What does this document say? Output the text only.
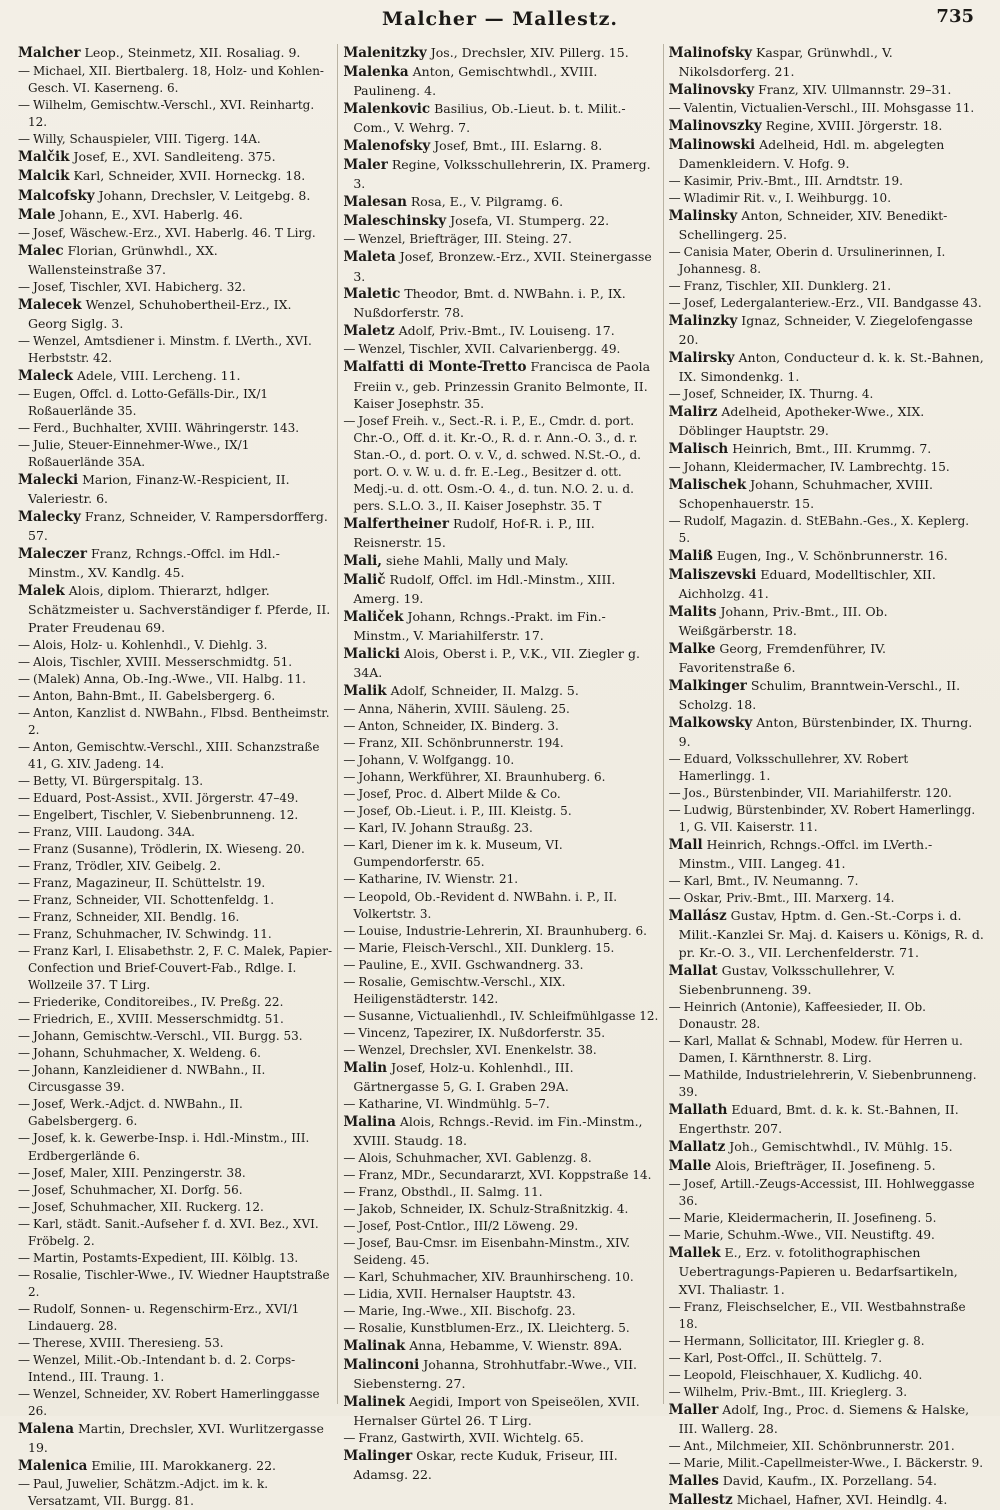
Malcher — Mallestz.	735

Malcher Leop., Steinmetz, XII. Rosaliag. 9.

— Michael, XII. Biertbalerg. 18, Holz- und Kohlen-Gesch. VI. Kaserneng. 6.

— Wilhelm, Gemischtw.-Verschl., XVI. Reinhartg. 12.

— Willy, Schauspieler, VIII. Tigerg. 14A.

Malčik Josef, E., XVI. Sandleiteng. 375.

Malcik Karl, Schneider, XVII. Horneckg. 18.

Malcofsky Johann, Drechsler, V. Leitgebg. 8.

Male Johann, E., XVI. Haberlg. 46.

— Josef, Wäschew.-Erz., XVI. Haberlg. 46. T Lirg.

Malec Florian, Grünwhdl., XX. Wallensteinstraße 37.

— Josef, Tischler, XVI. Habicherg. 32.

Malecek Wenzel, Schuhobertheil-Erz., IX. Georg Siglg. 3.

— Wenzel, Amtsdiener i. Minstm. f. LVerth., XVI. Herbststr. 42.

Maleck Adele, VIII. Lercheng. 11.

— Eugen, Offcl. d. Lotto-Gefälls-Dir., IX/1 Roßauerlände 35.

— Ferd., Buchhalter, XVIII. Währingerstr. 143.

— Julie, Steuer-Einnehmer-Wwe., IX/1 Roßauerlände 35A.

Malecki Marion, Finanz-W.-Respicient, II. Valeriestr. 6.

Malecky Franz, Schneider, V. Rampersdorfferg. 57.

Maleczer Franz, Rchngs.-Offcl. im Hdl.-Minstm., XV. Kandlg. 45.

Malek Alois, diplom. Thierarzt, hdlger. Schätzmeister u. Sachverständiger f. Pferde, II. Prater Freudenau 69.

— Alois, Holz- u. Kohlenhdl., V. Diehlg. 3.

— Alois, Tischler, XVIII. Messerschmidtg. 51.

— (Malek) Anna, Ob.-Ing.-Wwe., VII. Halbg. 11.

— Anton, Bahn-Bmt., II. Gabelsbergerg. 6.

— Anton, Kanzlist d. NWBahn., Flbsd. Bentheimstr. 2.

— Anton, Gemischtw.-Verschl., XIII. Schanzstraße 41, G. XIV. Jadeng. 14.

— Betty, VI. Bürgerspitalg. 13.

— Eduard, Post-Assist., XVII. Jörgerstr. 47–49.

— Engelbert, Tischler, V. Siebenbrunneng. 12.

— Franz, VIII. Laudong. 34A.

— Franz (Susanne), Trödlerin, IX. Wieseng. 20.

— Franz, Trödler, XIV. Geibelg. 2.

— Franz, Magazineur, II. Schüttelstr. 19.

— Franz, Schneider, VII. Schottenfeldg. 1.

— Franz, Schneider, XII. Bendlg. 16.

— Franz, Schuhmacher, IV. Schwindg. 11.

— Franz Karl, I. Elisabethstr. 2, F. C. Malek, Papier-Confection und Brief-Couvert-Fab., Rdlge. I. Wollzeile 37. T Lirg.

— Friederike, Conditoreibes., IV. Preßg. 22.

— Friedrich, E., XVIII. Messerschmidtg. 51.

— Johann, Gemischtw.-Verschl., VII. Burgg. 53.

— Johann, Schuhmacher, X. Weldeng. 6.

— Johann, Kanzleidiener d. NWBahn., II. Circusgasse 39.

— Josef, Werk.-Adjct. d. NWBahn., II. Gabelsbergerg. 6.

— Josef, k. k. Gewerbe-Insp. i. Hdl.-Minstm., III. Erdbergerlände 6.

— Josef, Maler, XIII. Penzingerstr. 38.

— Josef, Schuhmacher, XI. Dorfg. 56.

— Josef, Schuhmacher, XII. Ruckerg. 12.

— Karl, städt. Sanit.-Aufseher f. d. XVI. Bez., XVI. Fröbelg. 2.

— Martin, Postamts-Expedient, III. Kölblg. 13.

— Rosalie, Tischler-Wwe., IV. Wiedner Hauptstraße 2.

— Rudolf, Sonnen- u. Regenschirm-Erz., XVI/1 Lindauerg. 28.

— Therese, XVIII. Theresieng. 53.

— Wenzel, Milit.-Ob.-Intendant b. d. 2. Corps-Intend., III. Traung. 1.

— Wenzel, Schneider, XV. Robert Hamerlinggasse 26.

Malena Martin, Drechsler, XVI. Wurlitzergasse 19.

Malenica Emilie, III. Marokkanerg. 22.

— Paul, Juwelier, Schätzm.-Adjct. im k. k. Versatzamt, VII. Burgg. 81.

Malenitzky Jos., Drechsler, XIV. Pillerg. 15.

Malenka Anton, Gemischtwhdl., XVIII. Paulineng. 4.

Malenkovic Basilius, Ob.-Lieut. b. t. Milit.-Com., V. Wehrg. 7.

Malenofsky Josef, Bmt., III. Eslarng. 8.

Maler Regine, Volksschullehrerin, IX. Pramerg. 3.

Malesan Rosa, E., V. Pilgramg. 6.

Maleschinsky Josefa, VI. Stumperg. 22.

— Wenzel, Briefträger, III. Steing. 27.

Maleta Josef, Bronzew.-Erz., XVII. Steinergasse 3.

Maletic Theodor, Bmt. d. NWBahn. i. P., IX. Nußdorferstr. 78.

Maletz Adolf, Priv.-Bmt., IV. Louiseng. 17.

— Wenzel, Tischler, XVII. Calvarienbergg. 49.

Malfatti di Monte-Tretto Francisca de Paola Freiin v., geb. Prinzessin Granito Belmonte, II. Kaiser Josephstr. 35.

— Josef Freih. v., Sect.-R. i. P., E., Cmdr. d. port. Chr.-O., Off. d. it. Kr.-O., R. d. r. Ann.-O. 3., d. r. Stan.-O., d. port. O. v. V., d. schwed. N.St.-O., d. port. O. v. W. u. d. fr. E.-Leg., Besitzer d. ott. Medj.-u. d. ott. Osm.-O. 4., d. tun. N.O. 2. u. d. pers. S.L.O. 3., II. Kaiser Josephstr. 35. T

Malfertheiner Rudolf, Hof-R. i. P., III. Reisnerstr. 15.

Mali, siehe Mahli, Mally und Maly.

Malič Rudolf, Offcl. im Hdl.-Minstm., XIII. Amerg. 19.

Maliček Johann, Rchngs.-Prakt. im Fin.-Minstm., V. Mariahilferstr. 17.

Malicki Alois, Oberst i. P., V.K., VII. Ziegler g. 34A.

Malik Adolf, Schneider, II. Malzg. 5.

— Anna, Näherin, XVIII. Säuleng. 25.

— Anton, Schneider, IX. Binderg. 3.

— Franz, XII. Schönbrunnerstr. 194.

— Johann, V. Wolfgangg. 10.

— Johann, Werkführer, XI. Braunhuberg. 6.

— Josef, Proc. d. Albert Milde & Co.

— Josef, Ob.-Lieut. i. P., III. Kleistg. 5.

— Karl, IV. Johann Straußg. 23.

— Karl, Diener im k. k. Museum, VI. Gumpendorferstr. 65.

— Katharine, IV. Wienstr. 21.

— Leopold, Ob.-Revident d. NWBahn. i. P., II. Volkertstr. 3.

— Louise, Industrie-Lehrerin, XI. Braunhuberg. 6.

— Marie, Fleisch-Verschl., XII. Dunklerg. 15.

— Pauline, E., XVII. Gschwandnerg. 33.

— Rosalie, Gemischtw.-Verschl., XIX. Heiligenstädterstr. 142.

— Susanne, Victualienhdl., IV. Schleifmühlgasse 12.

— Vincenz, Tapezirer, IX. Nußdorferstr. 35.

— Wenzel, Drechsler, XVI. Enenkelstr. 38.

Malin Josef, Holz-u. Kohlenhdl., III. Gärtnergasse 5, G. I. Graben 29A.

— Katharine, VI. Windmühlg. 5–7.

Malina Alois, Rchngs.-Revid. im Fin.-Minstm., XVIII. Staudg. 18.

— Alois, Schuhmacher, XVI. Gablenzg. 8.

— Franz, MDr., Secundararzt, XVI. Koppstraße 14.

— Franz, Obsthdl., II. Salmg. 11.

— Jakob, Schneider, IX. Schulz-Straßnitzkig. 4.

— Josef, Post-Cntlor., III/2 Löweng. 29.

— Josef, Bau-Cmsr. im Eisenbahn-Minstm., XIV. Seideng. 45.

— Karl, Schuhmacher, XIV. Braunhirscheng. 10.

— Lidia, XVII. Hernalser Hauptstr. 43.

— Marie, Ing.-Wwe., XII. Bischofg. 23.

— Rosalie, Kunstblumen-Erz., IX. Lleichterg. 5.

Malinak Anna, Hebamme, V. Wienstr. 89A.

Malinconi Johanna, Strohhutfabr.-Wwe., VII. Siebensterng. 27.

Malinek Aegidi, Import von Speiseölen, XVII. Hernalser Gürtel 26. T Lirg.

— Franz, Gastwirth, XVII. Wichtelg. 65.

Malinger Oskar, recte Kuduk, Friseur, III. Adamsg. 22.

Malinofsky Kaspar, Grünwhdl., V. Nikolsdorferg. 21.

Malinovsky Franz, XIV. Ullmannstr. 29–31.

— Valentin, Victualien-Verschl., III. Mohsgasse 11.

Malinovszky Regine, XVIII. Jörgerstr. 18.

Malinowski Adelheid, Hdl. m. abgelegten Damenkleidern. V. Hofg. 9.

— Kasimir, Priv.-Bmt., III. Arndtstr. 19.

— Wladimir Rit. v., I. Weihburgg. 10.

Malinsky Anton, Schneider, XIV. Benedikt-Schellingerg. 25.

— Canisia Mater, Oberin d. Ursulinerinnen, I. Johannesg. 8.

— Franz, Tischler, XII. Dunklerg. 21.

— Josef, Ledergalanteriew.-Erz., VII. Bandgasse 43.

Malinzky Ignaz, Schneider, V. Ziegelofengasse 20.

Malirsky Anton, Conducteur d. k. k. St.-Bahnen, IX. Simondenkg. 1.

— Josef, Schneider, IX. Thurng. 4.

Malirz Adelheid, Apotheker-Wwe., XIX. Döblinger Hauptstr. 29.

Malisch Heinrich, Bmt., III. Krummg. 7.

— Johann, Kleidermacher, IV. Lambrechtg. 15.

Malischek Johann, Schuhmacher, XVIII. Schopenhauerstr. 15.

— Rudolf, Magazin. d. StEBahn.-Ges., X. Keplerg. 5.

Maliß Eugen, Ing., V. Schönbrunnerstr. 16.

Maliszevski Eduard, Modelltischler, XII. Aichholzg. 41.

Malits Johann, Priv.-Bmt., III. Ob. Weißgärberstr. 18.

Malke Georg, Fremdenführer, IV. Favoritenstraße 6.

Malkinger Schulim, Branntwein-Verschl., II. Scholzg. 18.

Malkowsky Anton, Bürstenbinder, IX. Thurng. 9.

— Eduard, Volksschullehrer, XV. Robert Hamerlingg. 1.

— Jos., Bürstenbinder, VII. Mariahilferstr. 120.

— Ludwig, Bürstenbinder, XV. Robert Hamerlingg. 1, G. VII. Kaiserstr. 11.

Mall Heinrich, Rchngs.-Offcl. im LVerth.-Minstm., VIII. Langeg. 41.

— Karl, Bmt., IV. Neumanng. 7.

— Oskar, Priv.-Bmt., III. Marxerg. 14.

Mallász Gustav, Hptm. d. Gen.-St.-Corps i. d. Milit.-Kanzlei Sr. Maj. d. Kaisers u. Königs, R. d. pr. Kr.-O. 3., VII. Lerchenfelderstr. 71.

Mallat Gustav, Volksschullehrer, V. Siebenbrunneng. 39.

— Heinrich (Antonie), Kaffeesieder, II. Ob. Donaustr. 28.

— Karl, Mallat & Schnabl, Modew. für Herren u. Damen, I. Kärnthnerstr. 8. Lirg.

— Mathilde, Industrielehrerin, V. Siebenbrunneng. 39.

Mallath Eduard, Bmt. d. k. k. St.-Bahnen, II. Engerthstr. 207.

Mallatz Joh., Gemischtwhdl., IV. Mühlg. 15.

Malle Alois, Briefträger, II. Josefineng. 5.

— Josef, Artill.-Zeugs-Accessist, III. Hohlweggasse 36.

— Marie, Kleidermacherin, II. Josefineng. 5.

— Marie, Schuhm.-Wwe., VII. Neustiftg. 49.

Mallek E., Erz. v. fotolithographischen Uebertragungs-Papieren u. Bedarfsartikeln, XVI. Thaliastr. 1.

— Franz, Fleischselcher, E., VII. Westbahnstraße 18.

— Hermann, Sollicitator, III. Kriegler g. 8.

— Karl, Post-Offcl., II. Schüttelg. 7.

— Leopold, Fleischhauer, X. Kudlichg. 40.

— Wilhelm, Priv.-Bmt., III. Krieglerg. 3.

Maller Adolf, Ing., Proc. d. Siemens & Halske, III. Wallerg. 28.

— Ant., Milchmeier, XII. Schönbrunnerstr. 201.

— Marie, Milit.-Capellmeister-Wwe., I. Bäckerstr. 9.

Malles David, Kaufm., IX. Porzellang. 54.

Mallestz Michael, Hafner, XVI. Heindlg. 4.
